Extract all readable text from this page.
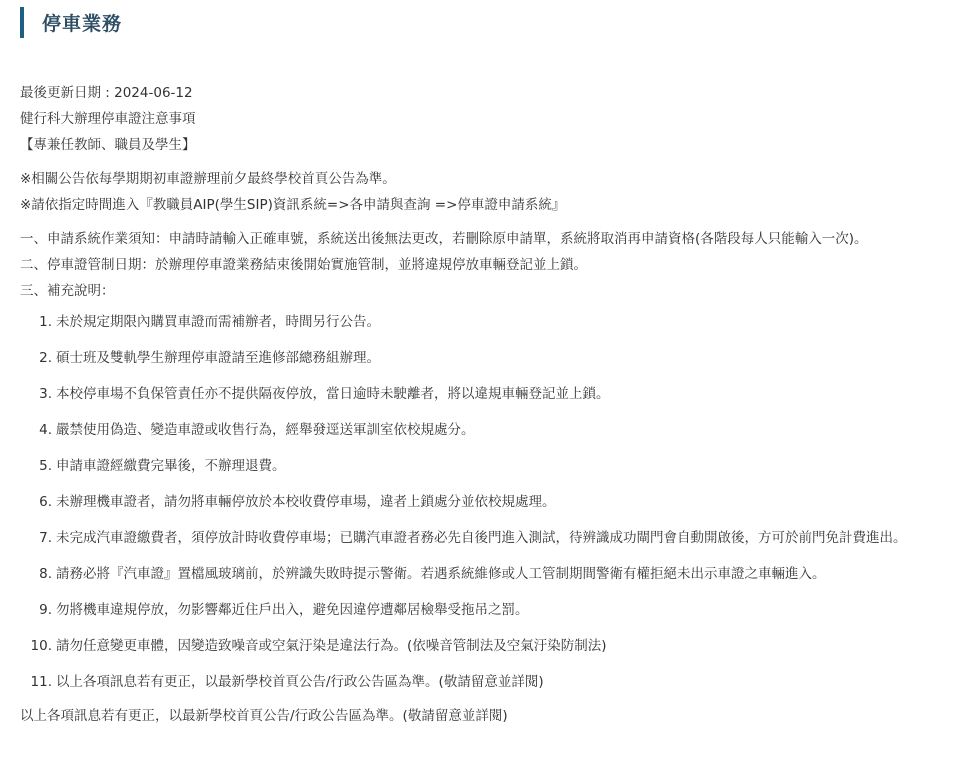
停車業務
最後更新日期 : 2024-06-12
健行科大辦理停車證注意事項
【專兼任教師、職員及學生】
※相關公告依每學期期初車證辦理前夕最終學校首頁公告為準。
※請依指定時間進入『教職員AIP(學生SIP)資訊系統=>各申請與查詢 =>停車證申請系統』
一、申請系統作業須知：申請時請輸入正確車號，系統送出後無法更改，若刪除原申請單，系統將取消再申請資格(各階段每人只能輸入一次)。
二、停車證管制日期：於辦理停車證業務結束後開始實施管制，並將違規停放車輛登記並上鎖。
三、補充說明：
1. 未於規定期限內購買車證而需補辦者，時間另行公告。
2. 碩士班及雙軌學生辦理停車證請至進修部總務組辦理。
3. 本校停車場不負保管責任亦不提供隔夜停放，當日逾時未駛離者，將以違規車輛登記並上鎖。
4. 嚴禁使用偽造、變造車證或收售行為，經舉發逕送軍訓室依校規處分。
5. 申請車證經繳費完畢後，不辦理退費。
6. 未辦理機車證者，請勿將車輛停放於本校收費停車場，違者上鎖處分並依校規處理。
7. 未完成汽車證繳費者，須停放計時收費停車場；已購汽車證者務必先自後門進入測試，待辨識成功閘門會自動開啟後，方可於前門免計費進出。
8. 請務必將『汽車證』置檔風玻璃前，於辨識失敗時提示警衛。若遇系統維修或人工管制期間警衛有權拒絕未出示車證之車輛進入。
9. 勿將機車違規停放，勿影響鄰近住戶出入，避免因違停遭鄰居檢舉受拖吊之罰。
10. 請勿任意變更車體，因變造致噪音或空氣汙染是違法行為。(依噪音管制法及空氣汙染防制法)
11. 以上各項訊息若有更正，以最新學校首頁公告/行政公告區為準。(敬請留意並詳閱)
以上各項訊息若有更正，以最新學校首頁公告/行政公告區為準。(敬請留意並詳閱)
